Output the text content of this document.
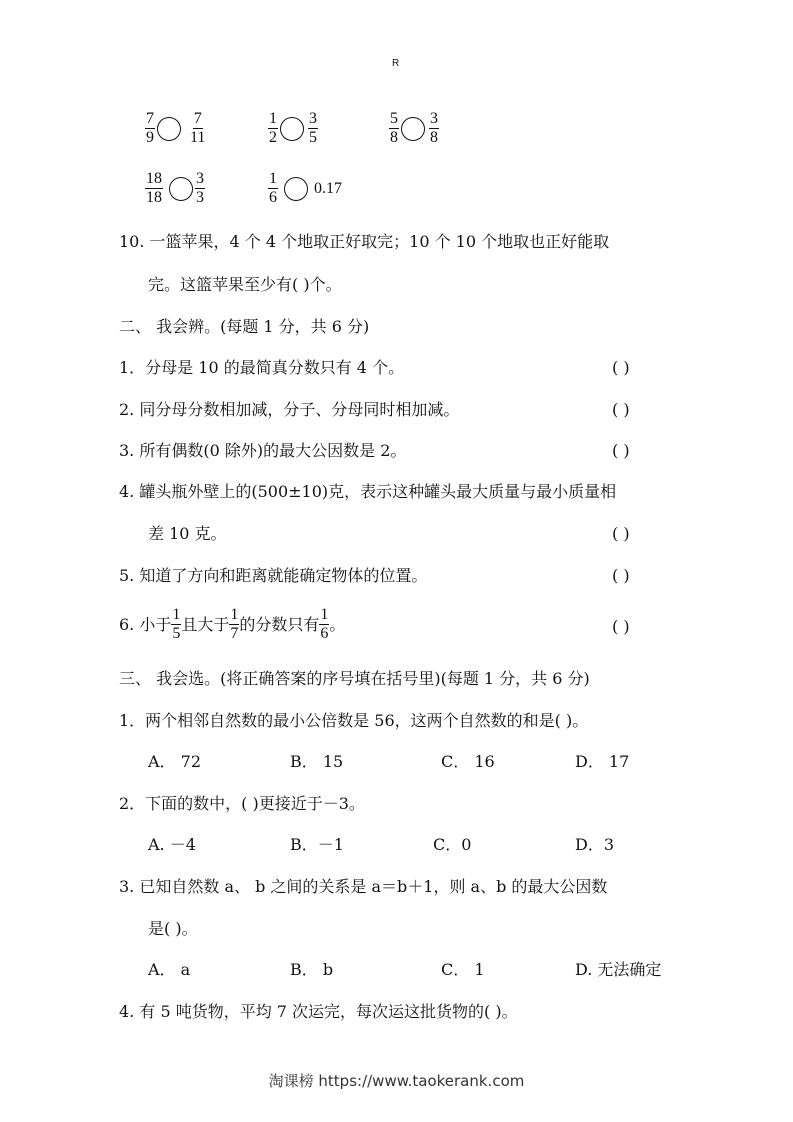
R
$\frac{7}{9} \frac{7}{11}$	$\frac{1}{2} \frac{3}{5}$	$\frac{5}{8} \frac{3}{8}$
$\frac{18}{18} \frac{3}{3}$	$\frac{1}{6} 0.17$
10. 一篮苹果，4 个 4 个地取正好取完；10 个 10 个地取也正好能取
完。这篮苹果至少有( )个。
二、 我会辨。(每题 1 分，共 6 分)
1．分母是 10 的最简真分数只有 4 个。	( )
2. 同分母分数相加减，分子、分母同时相加减。	( )
3. 所有偶数(0 除外)的最大公因数是 2。	( )
4. 罐头瓶外壁上的(500±10)克，表示这种罐头最大质量与最小质量相
差 10 克。	( )
5. 知道了方向和距离就能确定物体的位置。	( )
6. 小于 $\frac{1}{5}$ 且大于 $\frac{1}{7}$ 的分数只有 $\frac{1}{6}$ 。	( )
三、 我会选。(将正确答案的序号填在括号里)(每题 1 分，共 6 分)
1．两个相邻自然数的最小公倍数是 56，这两个自然数的和是( )。
A． 72	B． 15	C． 16	D． 17
2．下面的数中，( )更接近于－3。
A. －4	B．－1	C．0	D．3
3. 已知自然数 a、 b 之间的关系是 a＝b＋1，则 a、b 的最大公因数
是( )。
A． a	B． b	C． 1	D. 无法确定
4. 有 5 吨货物，平均 7 次运完，每次运这批货物的( )。
淘课榜 https://www.taokerank.com
